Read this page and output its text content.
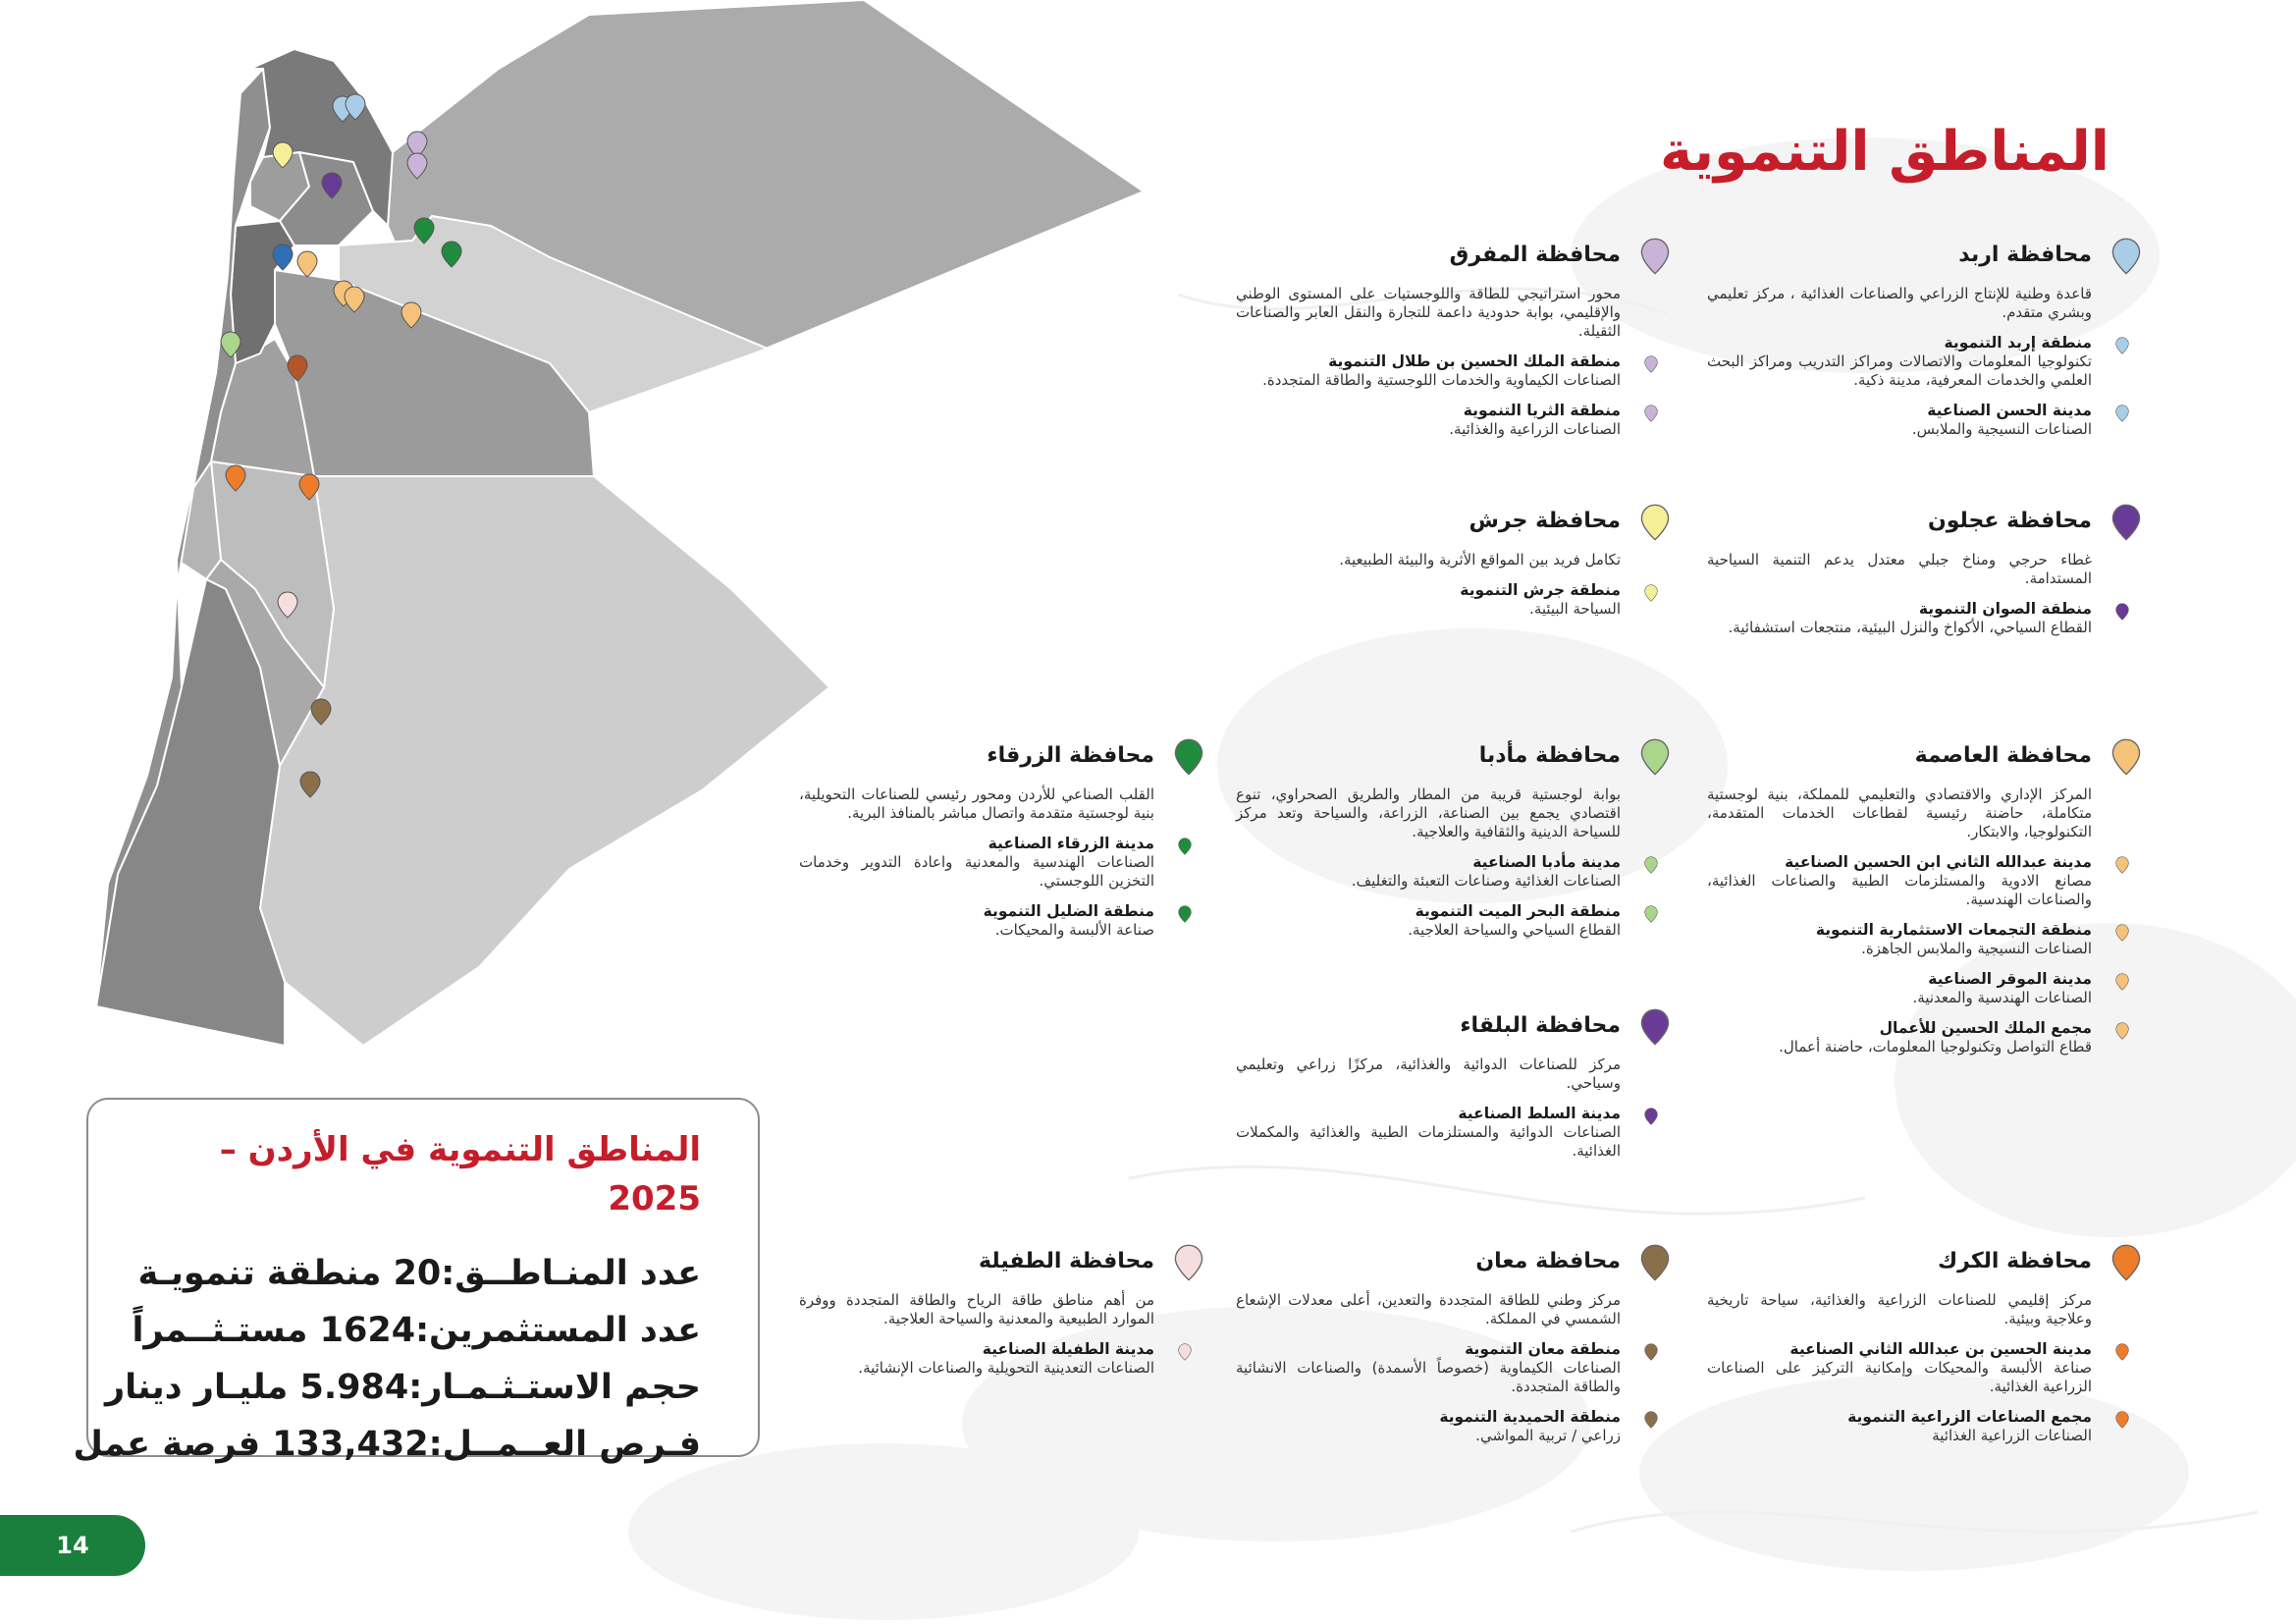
المناطق التنموية
محافظة اربد
قاعدة وطنية للإنتاج الزراعي والصناعات الغذائية ، مركز تعليمي وبشري متقدم.
منطقة إربد التنموية
تكنولوجيا المعلومات والاتصالات ومراكز التدريب ومراكز البحث العلمي والخدمات المعرفية، مدينة ذكية.
مدينة الحسن الصناعية
الصناعات النسيجية والملابس.
محافظة المفرق
محور استراتيجي للطاقة واللوجستيات على المستوى الوطني والإقليمي، بوابة حدودية داعمة للتجارة والنقل العابر والصناعات الثقيلة.
منطقة الملك الحسين بن طلال التنموية
الصناعات الكيماوية والخدمات اللوجستية والطاقة المتجددة.
منطقة الثريا التنموية
الصناعات الزراعية والغذائية.
محافظة عجلون
غطاء حرجي ومناخ جبلي معتدل يدعم التنمية السياحية المستدامة.
منطقة الصوان التنموية
القطاع السياحي، الأكواخ والنزل البيئية، منتجعات استشفائية.
محافظة جرش
تكامل فريد بين المواقع الأثرية والبيئة الطبيعية.
منطقة جرش التنموية
السياحة البيئية.
محافظة العاصمة
المركز الإداري والاقتصادي والتعليمي للمملكة، بنية لوجستية متكاملة، حاضنة رئيسية لقطاعات الخدمات المتقدمة، التكنولوجيا، والابتكار.
مدينة عبدالله الثاني ابن الحسين الصناعية
مصانع الادوية والمستلزمات الطبية والصناعات الغذائية، والصناعات الهندسية.
منطقة التجمعات الاستثمارية التنموية
الصناعات النسيجية والملابس الجاهزة.
مدينة الموقر الصناعية
الصناعات الهندسية والمعدنية.
مجمع الملك الحسين للأعمال
قطاع التواصل وتكنولوجيا المعلومات، حاضنة أعمال.
محافظة مأدبا
بوابة لوجستية قريبة من المطار والطريق الصحراوي، تنوع اقتصادي يجمع بين الصناعة، الزراعة، والسياحة وتعد مركز للسياحة الدينية والثقافية والعلاجية.
مدينة مأدبا الصناعية
الصناعات الغذائية وصناعات التعبئة والتغليف.
منطقة البحر الميت التنموية
القطاع السياحي والسياحة العلاجية.
محافظة الزرقاء
القلب الصناعي للأردن ومحور رئيسي للصناعات التحويلية، بنية لوجستية متقدمة واتصال مباشر بالمنافذ البرية.
مدينة الزرقاء الصناعية
الصناعات الهندسية والمعدنية واعادة التدوير وخدمات التخزين اللوجستي.
منطقة الضليل التنموية
صناعة الألبسة والمحيكات.
محافظة البلقاء
مركز للصناعات الدوائية والغذائية، مركزًا زراعي وتعليمي وسياحي.
مدينة السلط الصناعية
الصناعات الدوائية والمستلزمات الطبية والغذائية والمكملات الغذائية.
محافظة الكرك
مركز إقليمي للصناعات الزراعية والغذائية، سياحة تاريخية وعلاجية وبيئية.
مدينة الحسين بن عبدالله الثاني الصناعية
صناعة الألبسة والمحيكات وإمكانية التركيز على الصناعات الزراعية الغذائية.
مجمع الصناعات الزراعية التنموية
الصناعات الزراعية الغذائية
محافظة معان
مركز وطني للطاقة المتجددة والتعدين، أعلى معدلات الإشعاع الشمسي في المملكة.
منطقة معان التنموية
الصناعات الكيماوية (خصوصاً الأسمدة) والصناعات الانشائية والطاقة المتجددة.
منطقة الحميدية التنموية
زراعي / تربية المواشي.
محافظة الطفيلة
من أهم مناطق طاقة الرياح والطاقة المتجددة ووفرة الموارد الطبيعية والمعدنية والسياحة العلاجية.
مدينة الطفيلة الصناعية
الصناعات التعدينية التحويلية والصناعات الإنشائية.
المناطق التنموية في الأردن – 2025
عدد المنـاطــق:
20 منطقة تنمويـة
عدد المستثمرين:
1624 مستـثــمراً
حجم الاستـثـمـار:
5.984 مليـار دينار
فـرص العــمــل:
133,432 فرصة عمل
14
